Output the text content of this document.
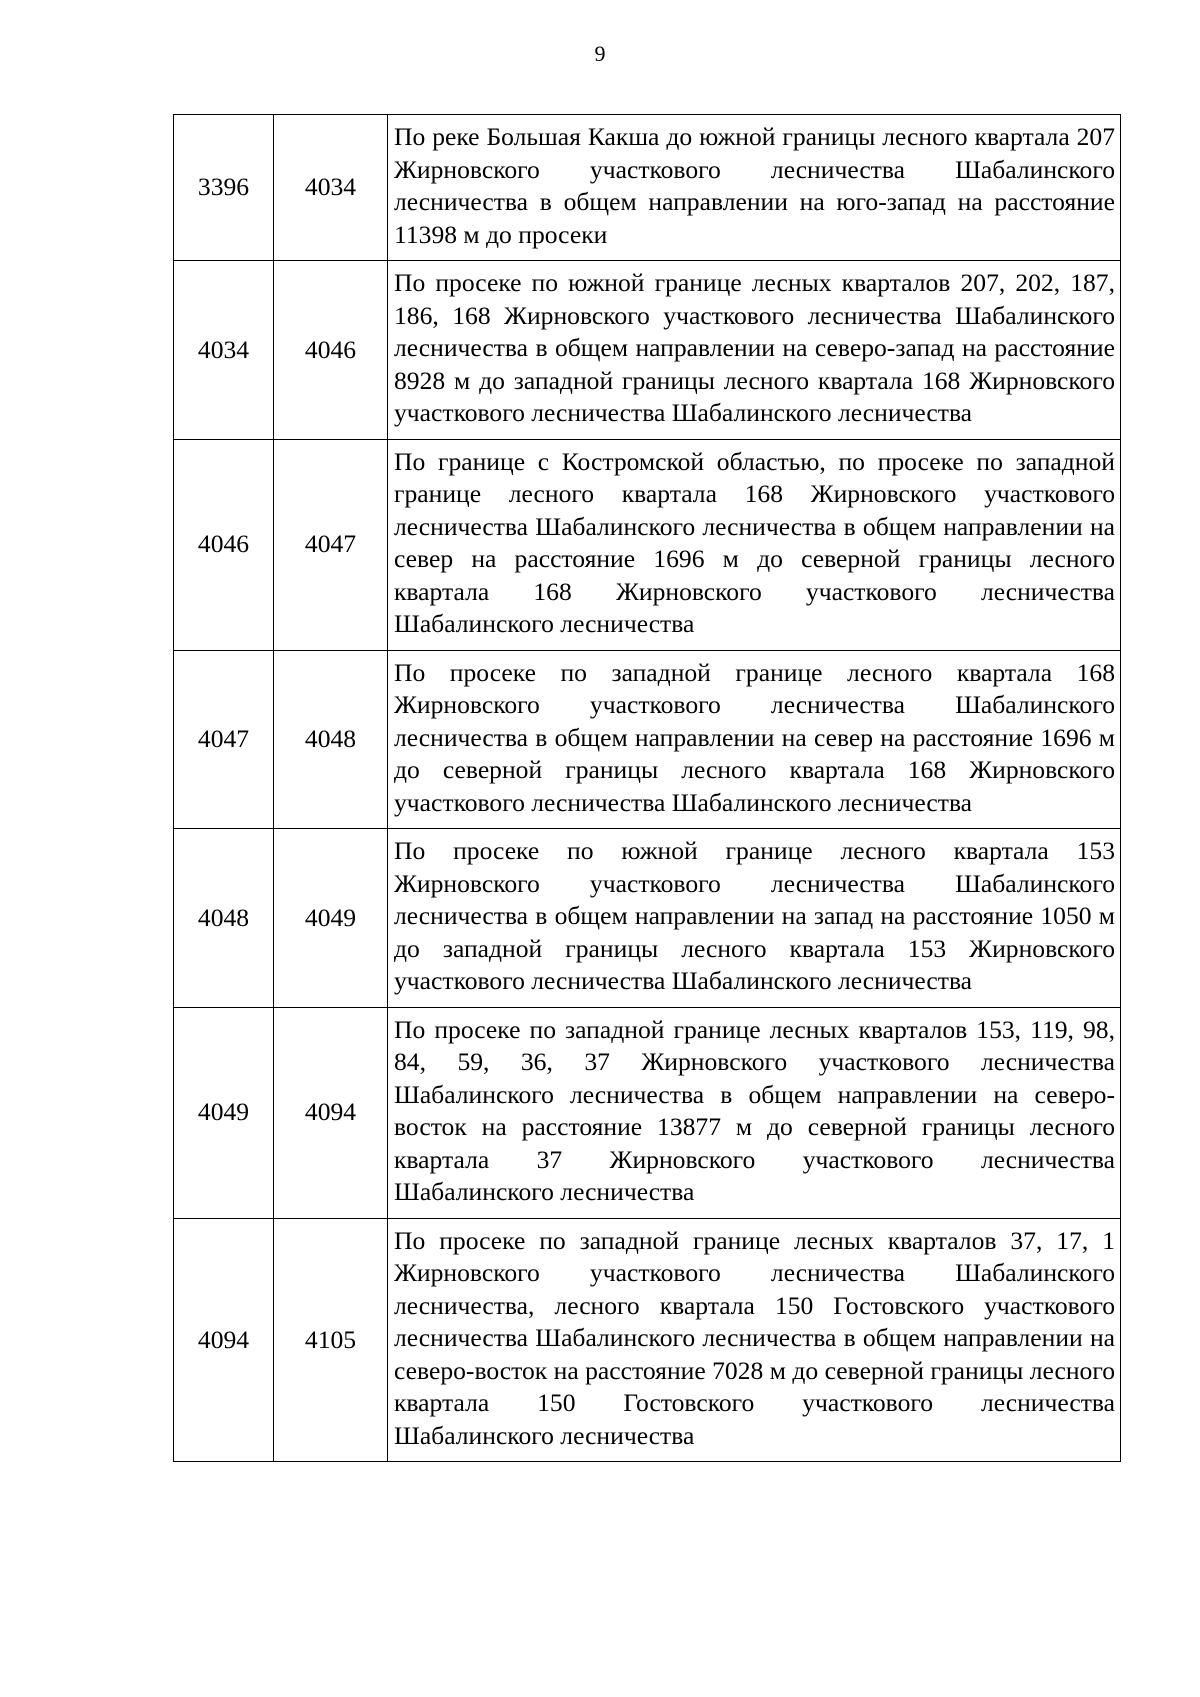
9
3396	4034	По реке Большая Какша до южной границы лесного квартала 207 Жирновского участкового лесничества Шабалинского лесничества в общем направлении на юго-запад на расстояние 11398 м до просеки
4034	4046	По просеке по южной границе лесных кварталов 207, 202, 187, 186, 168 Жирновского участкового лесничества Шабалинского лесничества в общем направлении на северо-запад на расстояние 8928 м до западной границы лесного квартала 168 Жирновского участкового лесничества Шабалинского лесничества
4046	4047	По границе с Костромской областью, по просеке по западной границе лесного квартала 168 Жирновского участкового лесничества Шабалинского лесничества в общем направлении на север на расстояние 1696 м до северной границы лесного квартала 168 Жирновского участкового лесничества Шабалинского лесничества
4047	4048	По просеке по западной границе лесного квартала 168 Жирновского участкового лесничества Шабалинского лесничества в общем направлении на север на расстояние 1696 м до северной границы лесного квартала 168 Жирновского участкового лесничества Шабалинского лесничества
4048	4049	По просеке по южной границе лесного квартала 153 Жирновского участкового лесничества Шабалинского лесничества в общем направлении на запад на расстояние 1050 м до западной границы лесного квартала 153 Жирновского участкового лесничества Шабалинского лесничества
4049	4094	По просеке по западной границе лесных кварталов 153, 119, 98, 84, 59, 36, 37 Жирновского участкового лесничества Шабалинского лесничества в общем направлении на северо-восток на расстояние 13877 м до северной границы лесного квартала 37 Жирновского участкового лесничества Шабалинского лесничества
4094	4105	По просеке по западной границе лесных кварталов 37, 17, 1 Жирновского участкового лесничества Шабалинского лесничества, лесного квартала 150 Гостовского участкового лесничества Шабалинского лесничества в общем направлении на северо-восток на расстояние 7028 м до северной границы лесного квартала 150 Гостовского участкового лесничества Шабалинского лесничества
